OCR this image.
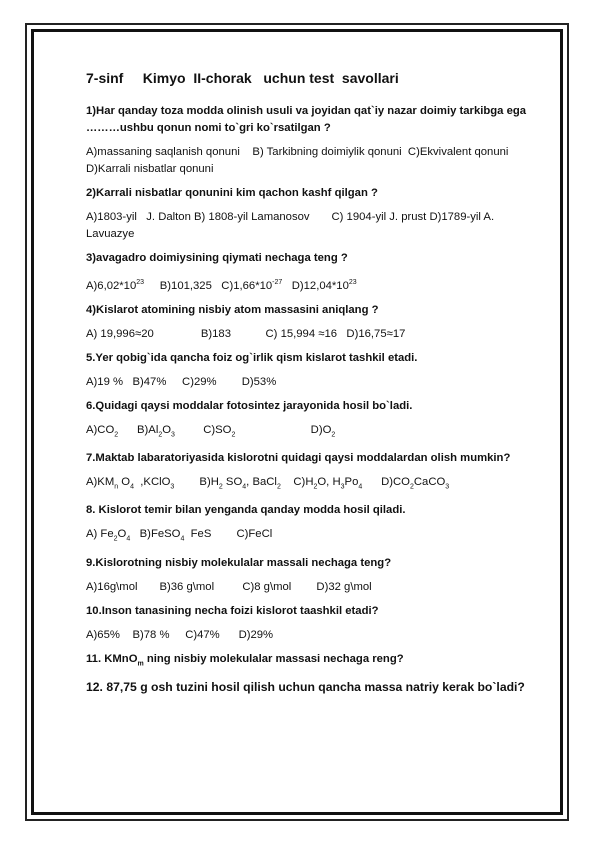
7-sinf     Kimyo  II-chorak   uchun test  savollari

1)Har qanday toza modda olinish usuli va joyidan qat`iy nazar doimiy tarkibga ega ………ushbu qonun nomi to`gri ko`rsatilgan ?

A)massaning saqlanish qonuni    B) Tarkibning doimiylik qonuni  C)Ekvivalent qonuni D)Karrali nisbatlar qonuni

2)Karrali nisbatlar qonunini kim qachon kashf qilgan ?

A)1803-yil   J. Dalton B) 1808-yil Lamanosov       C) 1904-yil J. prust D)1789-yil A. Lavuazye

3)avagadro doimiysining qiymati nechaga teng ?

$A)6,02*10^{23}$     B)101,325   $C)1,66*10^{-27}$   $D)12,04*10^{23}$

4)Kislarot atomining nisbiy atom massasini aniqlang ?

A) 19,996≈20               B)183           C) 15,994 ≈16   D)16,75≈17

5.Yer qobig`ida qancha foiz og`irlik qism kislarot tashkil etadi.

A)19 %   B)47%     C)29%        D)53%

6.Quidagi qaysi moddalar fotosintez jarayonida hosil bo`ladi.

$A)CO_2$      $B)Al_2O_3$         $C)SO_2$                        $D)O_2$

7.Maktab labaratoriyasida kislorotni quidagi qaysi moddalardan olish mumkin?

$A)KM_n$ $O_4$  ,KClO$_3$        $B)H_2$ $SO_4$, BaCl$_2$    $C)H_2O$, $H_3Po_4$      $D)CO_2CaCO_3$

8. Kislorot temir bilan yenganda qanday modda hosil qiladi.

A) $Fe_2O_4$   B)FeSO$_4$  FeS        C)FeCl

9.Kislorotning nisbiy molekulalar massali nechaga teng?

A)16g\mol       B)36 g\mol         C)8 g\mol        D)32 g\mol

10.Inson tanasining necha foizi kislorot taashkil etadi?

A)65%    B)78 %     C)47%      D)29%

11. KMnO$_m$ ning nisbiy molekulalar massasi nechaga reng?

12. 87,75 g osh tuzini hosil qilish uchun qancha massa natriy kerak bo`ladi?
